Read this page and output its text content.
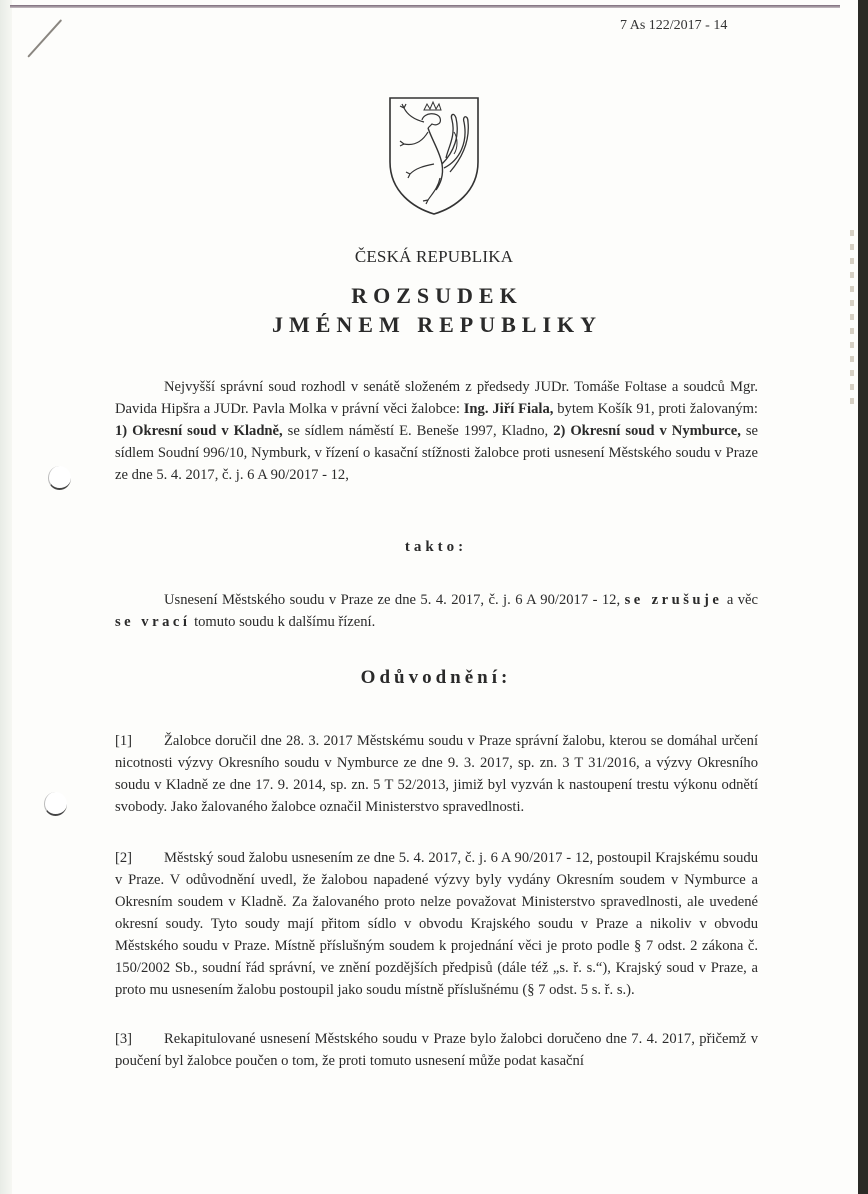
7 As 122/2017 - 14
ČESKÁ REPUBLIKA
ROZSUDEK
JMÉNEM REPUBLIKY
Nejvyšší správní soud rozhodl v senátě složeném z předsedy JUDr. Tomáše Foltase a soudců Mgr. Davida Hipšra a JUDr. Pavla Molka v právní věci žalobce: Ing. Jiří Fiala, bytem Košík 91, proti žalovaným: 1) Okresní soud v Kladně, se sídlem náměstí E. Beneše 1997, Kladno, 2) Okresní soud v Nymburce, se sídlem Soudní 996/10, Nymburk, v řízení o kasační stížnosti žalobce proti usnesení Městského soudu v Praze ze dne 5. 4. 2017, č. j. 6 A 90/2017 - 12,
takto:
Usnesení Městského soudu v Praze ze dne 5. 4. 2017, č. j. 6 A 90/2017 - 12, se zrušuje a věc se vrací tomuto soudu k dalšímu řízení.
Odůvodnění:
[1] Žalobce doručil dne 28. 3. 2017 Městskému soudu v Praze správní žalobu, kterou se domáhal určení nicotnosti výzvy Okresního soudu v Nymburce ze dne 9. 3. 2017, sp. zn. 3 T 31/2016, a výzvy Okresního soudu v Kladně ze dne 17. 9. 2014, sp. zn. 5 T 52/2013, jimiž byl vyzván k nastoupení trestu výkonu odnětí svobody. Jako žalovaného žalobce označil Ministerstvo spravedlnosti.
[2] Městský soud žalobu usnesením ze dne 5. 4. 2017, č. j. 6 A 90/2017 - 12, postoupil Krajskému soudu v Praze. V odůvodnění uvedl, že žalobou napadené výzvy byly vydány Okresním soudem v Nymburce a Okresním soudem v Kladně. Za žalovaného proto nelze považovat Ministerstvo spravedlnosti, ale uvedené okresní soudy. Tyto soudy mají přitom sídlo v obvodu Krajského soudu v Praze a nikoliv v obvodu Městského soudu v Praze. Místně příslušným soudem k projednání věci je proto podle § 7 odst. 2 zákona č. 150/2002 Sb., soudní řád správní, ve znění pozdějších předpisů (dále též „s. ř. s.“), Krajský soud v Praze, a proto mu usnesením žalobu postoupil jako soudu místně příslušnému (§ 7 odst. 5 s. ř. s.).
[3] Rekapitulované usnesení Městského soudu v Praze bylo žalobci doručeno dne 7. 4. 2017, přičemž v poučení byl žalobce poučen o tom, že proti tomuto usnesení může podat kasační
